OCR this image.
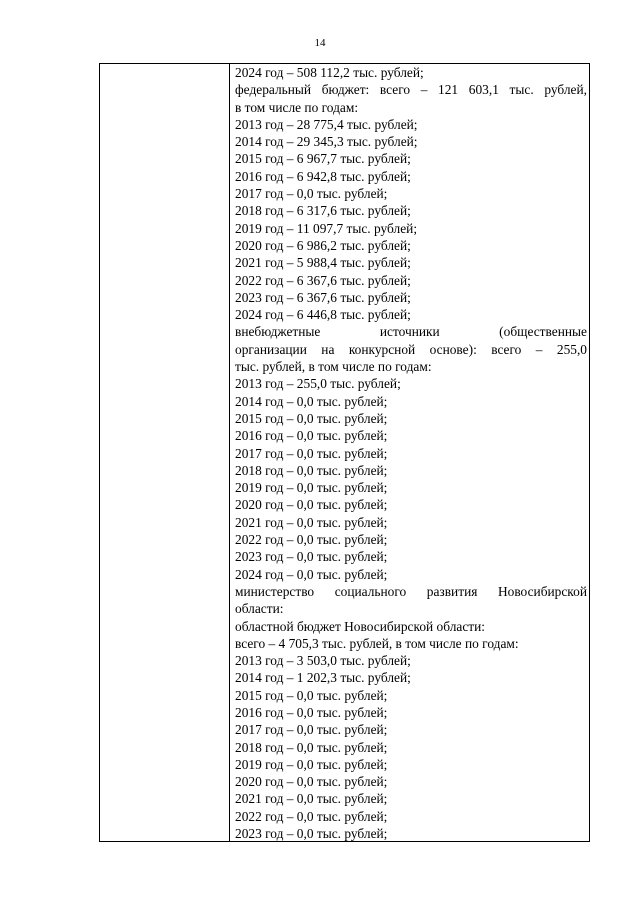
14
2024 год – 508 112,2 тыс. рублей;
федеральный бюджет: всего – 121 603,1 тыс. рублей,
в том числе по годам:
2013 год – 28 775,4 тыс. рублей;
2014 год – 29 345,3 тыс. рублей;
2015 год – 6 967,7 тыс. рублей;
2016 год – 6 942,8 тыс. рублей;
2017 год – 0,0 тыс. рублей;
2018 год – 6 317,6 тыс. рублей;
2019 год – 11 097,7 тыс. рублей;
2020 год – 6 986,2 тыс. рублей;
2021 год – 5 988,4 тыс. рублей;
2022 год – 6 367,6 тыс. рублей;
2023 год – 6 367,6 тыс. рублей;
2024 год – 6 446,8 тыс. рублей;
внебюджетные источники (общественные
организации на конкурсной основе): всего – 255,0
тыс. рублей, в том числе по годам:
2013 год – 255,0 тыс. рублей;
2014 год – 0,0 тыс. рублей;
2015 год – 0,0 тыс. рублей;
2016 год – 0,0 тыс. рублей;
2017 год – 0,0 тыс. рублей;
2018 год – 0,0 тыс. рублей;
2019 год – 0,0 тыс. рублей;
2020 год – 0,0 тыс. рублей;
2021 год – 0,0 тыс. рублей;
2022 год – 0,0 тыс. рублей;
2023 год – 0,0 тыс. рублей;
2024 год – 0,0 тыс. рублей;
министерство социального развития Новосибирской
области:
областной бюджет Новосибирской области:
всего – 4 705,3 тыс. рублей, в том числе по годам:
2013 год – 3 503,0 тыс. рублей;
2014 год – 1 202,3 тыс. рублей;
2015 год – 0,0 тыс. рублей;
2016 год – 0,0 тыс. рублей;
2017 год – 0,0 тыс. рублей;
2018 год – 0,0 тыс. рублей;
2019 год – 0,0 тыс. рублей;
2020 год – 0,0 тыс. рублей;
2021 год – 0,0 тыс. рублей;
2022 год – 0,0 тыс. рублей;
2023 год – 0,0 тыс. рублей;
